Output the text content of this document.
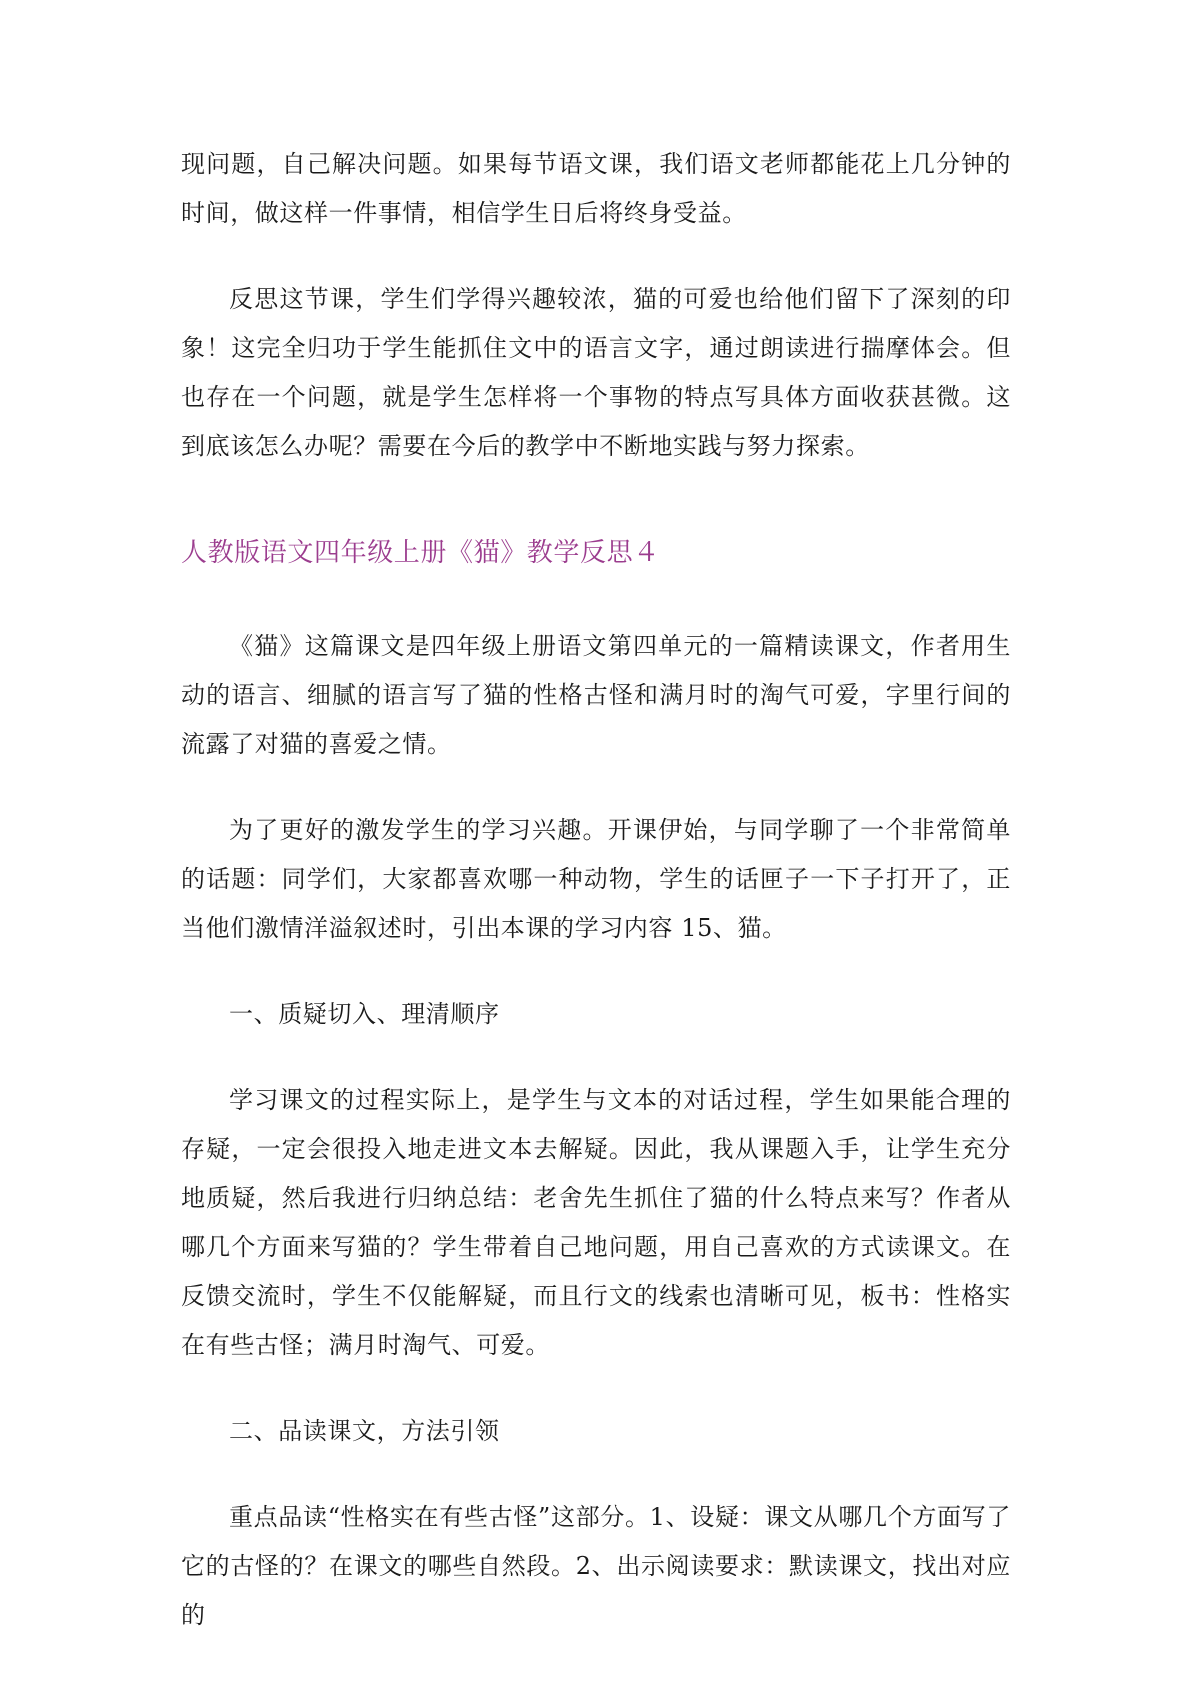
现问题，自己解决问题。如果每节语文课，我们语文老师都能花上几分钟的时间，做这样一件事情，相信学生日后将终身受益。

反思这节课，学生们学得兴趣较浓，猫的可爱也给他们留下了深刻的印象！这完全归功于学生能抓住文中的语言文字，通过朗读进行揣摩体会。但也存在一个问题，就是学生怎样将一个事物的特点写具体方面收获甚微。这到底该怎么办呢？需要在今后的教学中不断地实践与努力探索。

人教版语文四年级上册《猫》教学反思４

《猫》这篇课文是四年级上册语文第四单元的一篇精读课文，作者用生动的语言、细腻的语言写了猫的性格古怪和满月时的淘气可爱，字里行间的流露了对猫的喜爱之情。

为了更好的激发学生的学习兴趣。开课伊始，与同学聊了一个非常简单的话题：同学们，大家都喜欢哪一种动物，学生的话匣子一下子打开了，正当他们激情洋溢叙述时，引出本课的学习内容 15、猫。

一、质疑切入、理清顺序

学习课文的过程实际上，是学生与文本的对话过程，学生如果能合理的存疑，一定会很投入地走进文本去解疑。因此，我从课题入手，让学生充分地质疑，然后我进行归纳总结：老舍先生抓住了猫的什么特点来写？作者从哪几个方面来写猫的？学生带着自己地问题，用自己喜欢的方式读课文。在反馈交流时，学生不仅能解疑，而且行文的线索也清晰可见，板书：性格实在有些古怪；满月时淘气、可爱。

二、品读课文，方法引领

重点品读“性格实在有些古怪”这部分。1、设疑：课文从哪几个方面写了它的古怪的？在课文的哪些自然段。2、出示阅读要求：默读课文，找出对应的
